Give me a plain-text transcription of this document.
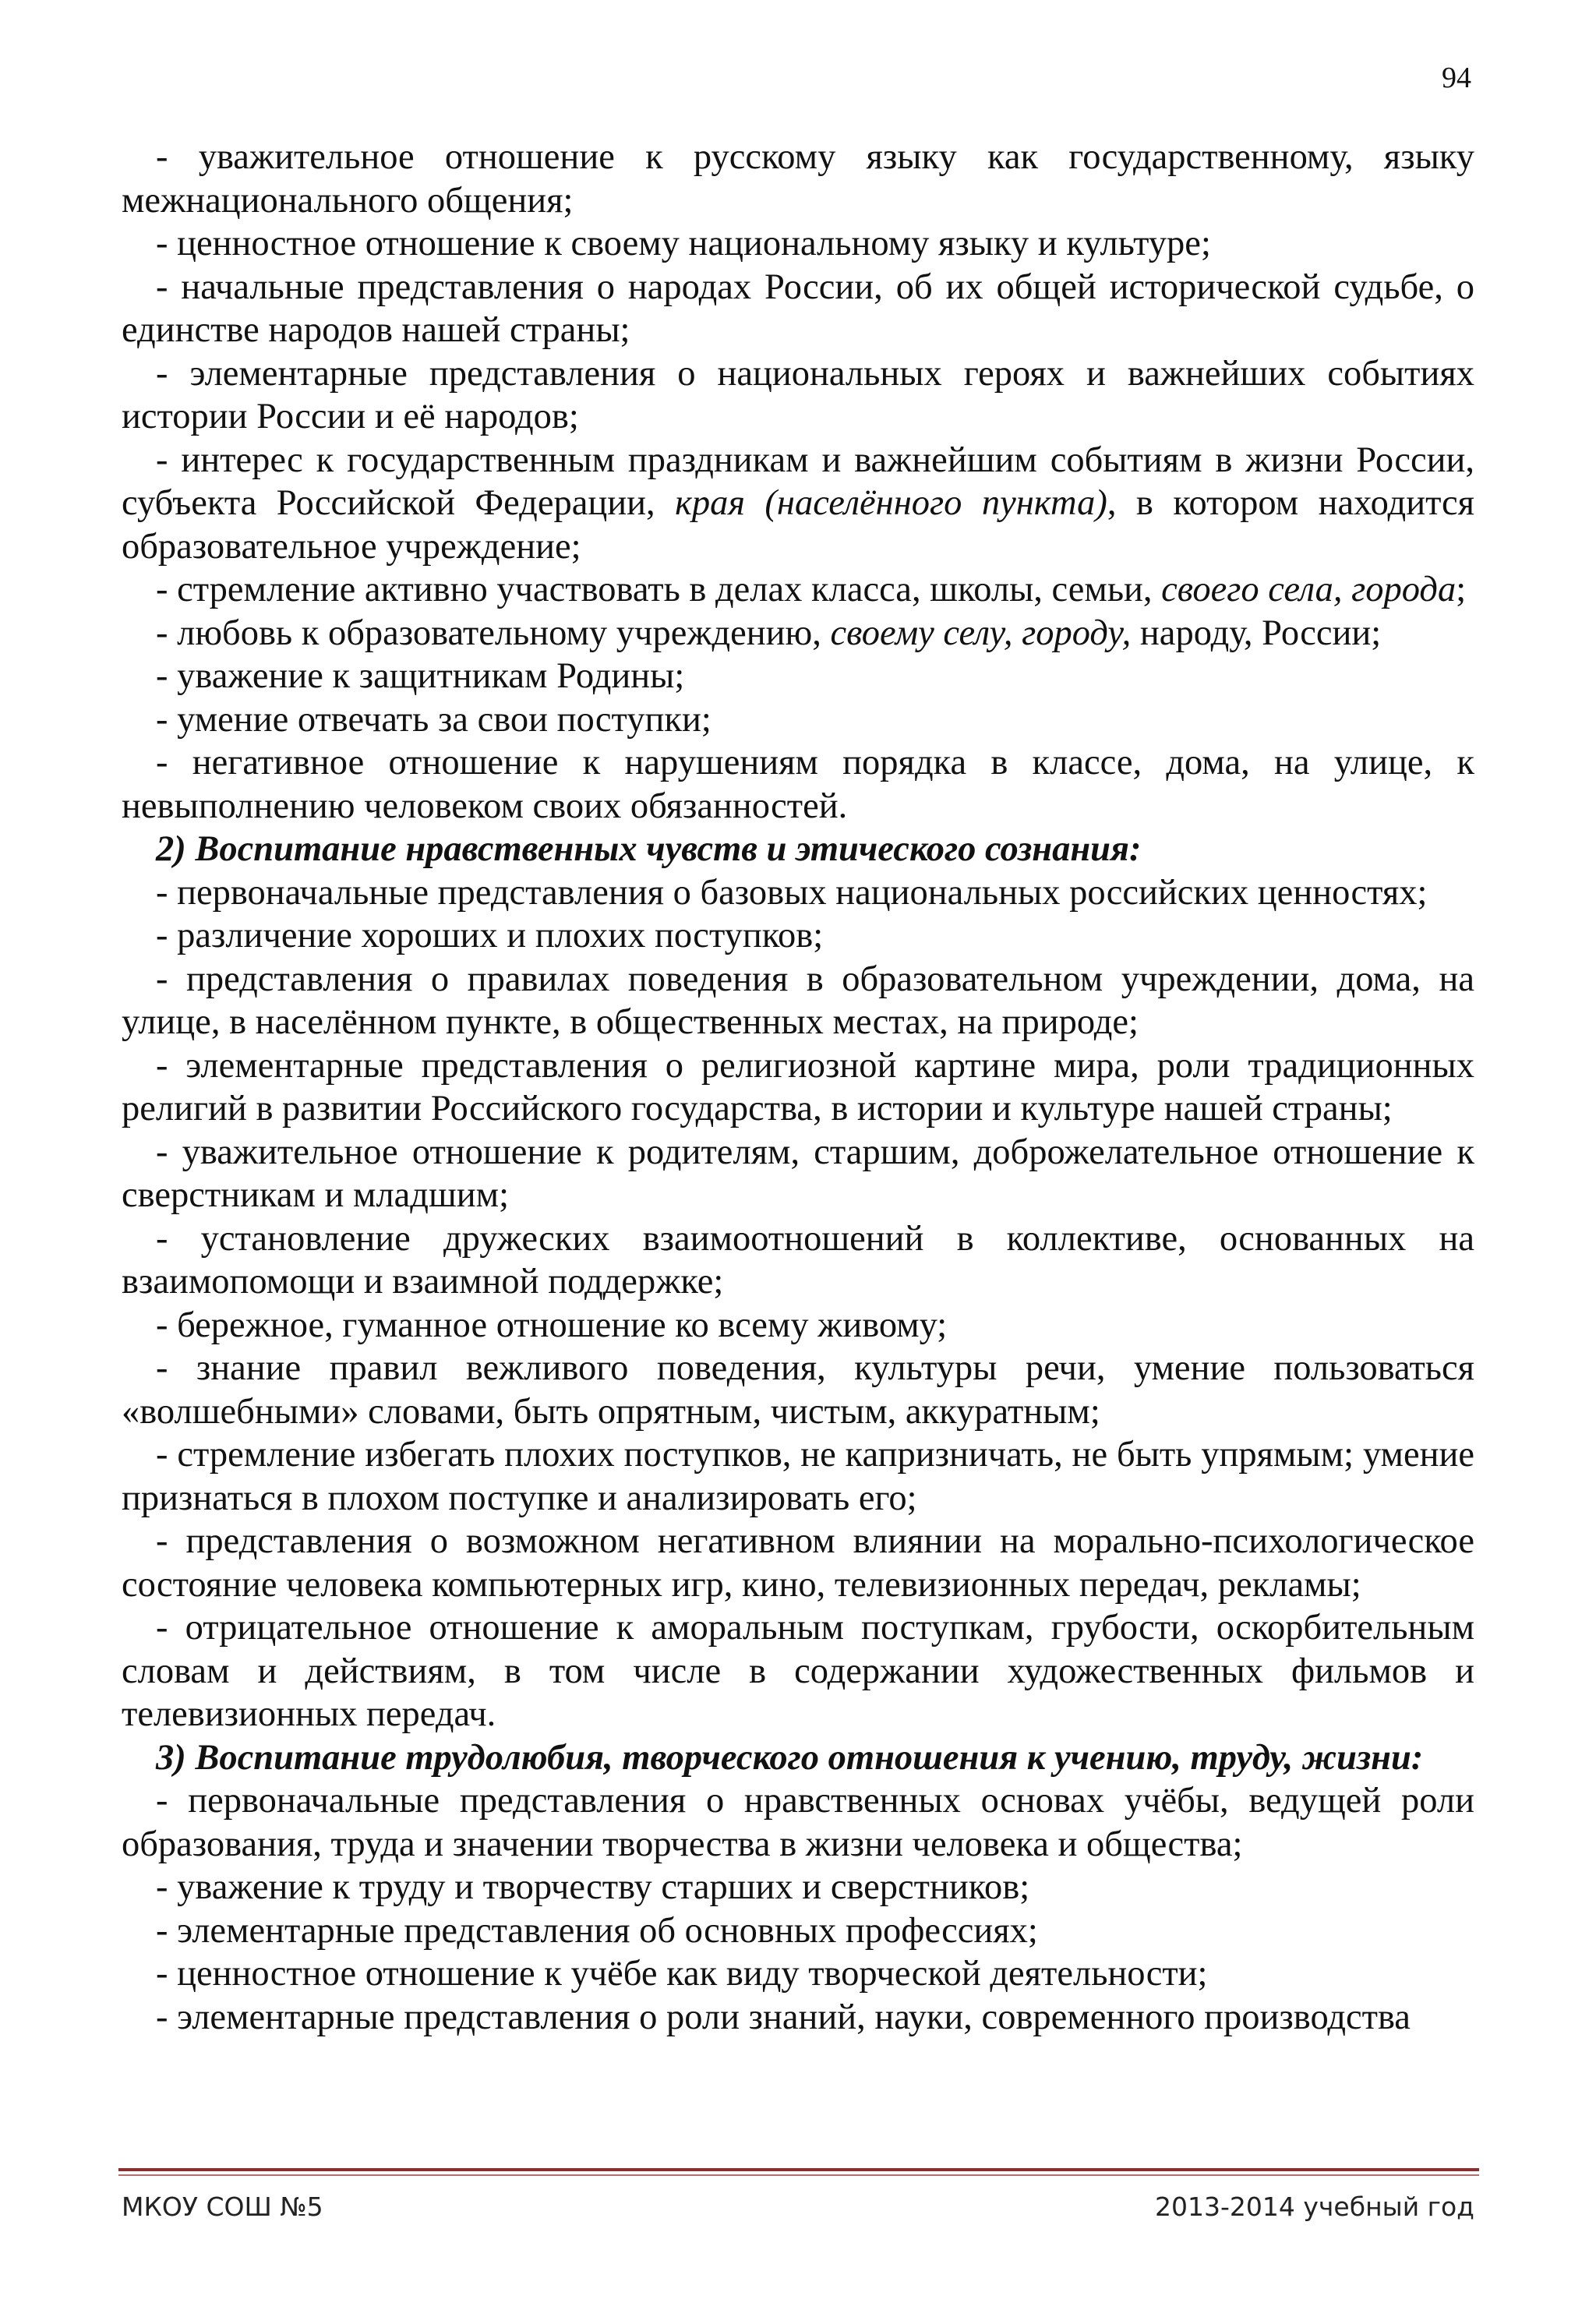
94

- уважительное отношение к русскому языку как государственному, языку межнационального общения;

- ценностное отношение к своему национальному языку и культуре;

- начальные представления о народах России, об их общей исторической судьбе, о единстве народов нашей страны;

- элементарные представления о национальных героях и важнейших событиях истории России и её народов;

- интерес к государственным праздникам и важнейшим событиям в жизни России, субъекта Российской Федерации, края (населённого пункта), в котором находится образовательное учреждение;

- стремление активно участвовать в делах класса, школы, семьи, своего села, города;

- любовь к образовательному учреждению, своему селу, городу, народу, России;

- уважение к защитникам Родины;

- умение отвечать за свои поступки;

- негативное отношение к нарушениям порядка в классе, дома, на улице, к невыполнению человеком своих обязанностей.

2) Воспитание нравственных чувств и этического сознания:

- первоначальные представления о базовых национальных российских ценностях;

- различение хороших и плохих поступков;

- представления о правилах поведения в образовательном учреждении, дома, на улице, в населённом пункте, в общественных местах, на природе;

- элементарные представления о религиозной картине мира, роли традиционных религий в развитии Российского государства, в истории и культуре нашей страны;

- уважительное отношение к родителям, старшим, доброжелательное отношение к сверстникам и младшим;

- установление дружеских взаимоотношений в коллективе, основанных на взаимопомощи и взаимной поддержке;

- бережное, гуманное отношение ко всему живому;

- знание правил вежливого поведения, культуры речи, умение пользоваться «волшебными» словами, быть опрятным, чистым, аккуратным;

- стремление избегать плохих поступков, не капризничать, не быть упрямым; умение признаться в плохом поступке и анализировать его;

- представления о возможном негативном влиянии на морально-психологическое состояние человека компьютерных игр, кино, телевизионных передач, рекламы;

- отрицательное отношение к аморальным поступкам, грубости, оскорбительным словам и действиям, в том числе в содержании художественных фильмов и телевизионных передач.

3) Воспитание трудолюбия, творческого отношения к учению, труду, жизни:

- первоначальные представления о нравственных основах учёбы, ведущей роли образования, труда и значении творчества в жизни человека и общества;

- уважение к труду и творчеству старших и сверстников;

- элементарные представления об основных профессиях;

- ценностное отношение к учёбе как виду творческой деятельности;

- элементарные представления о роли знаний, науки, современного производства

МКОУ СОШ №5	2013-2014 учебный год
